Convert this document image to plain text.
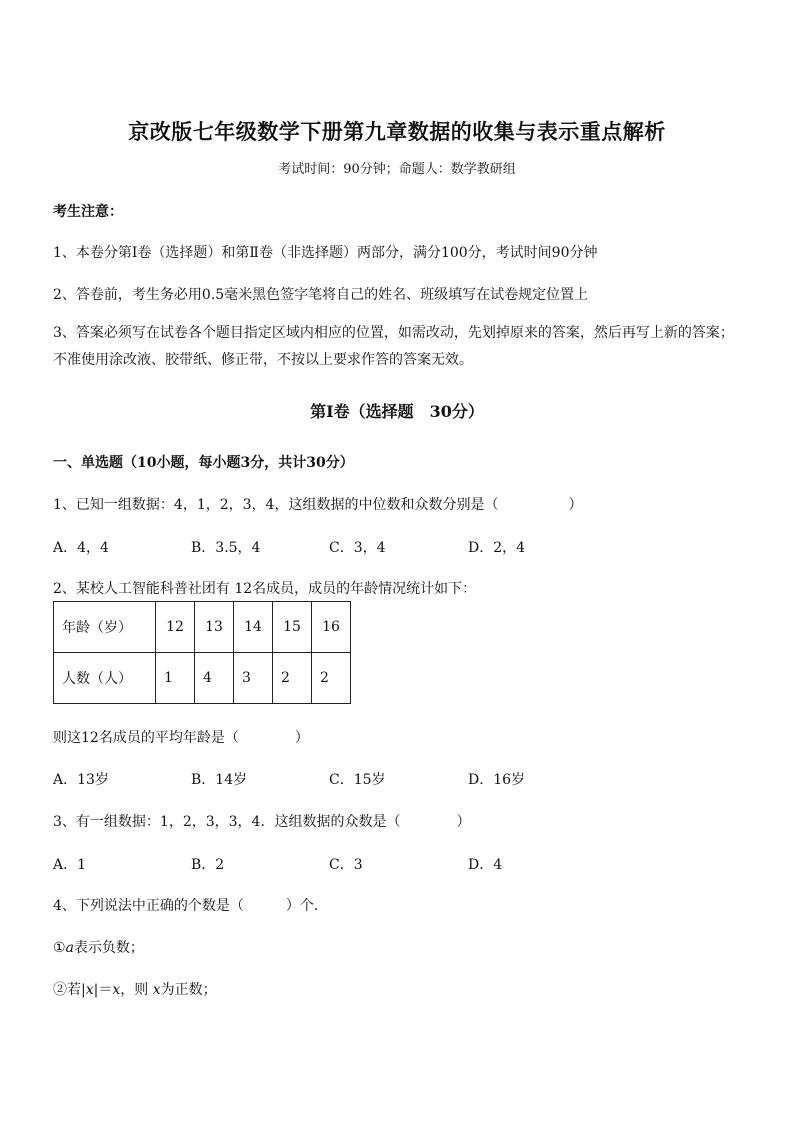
京改版七年级数学下册第九章数据的收集与表示重点解析
考试时间：90分钟；命题人：数学教研组
考生注意：
1、本卷分第Ⅰ卷（选择题）和第Ⅱ卷（非选择题）两部分，满分100分，考试时间90分钟
2、答卷前，考生务必用0.5毫米黑色签字笔将自己的姓名、班级填写在试卷规定位置上
3、答案必须写在试卷各个题目指定区域内相应的位置，如需改动，先划掉原来的答案，然后再写上新的答案；不准使用涂改液、胶带纸、修正带，不按以上要求作答的答案无效。
第Ⅰ卷（选择题　30分）
一、单选题（10小题，每小题3分，共计30分）
1、已知一组数据：4，1，2，3，4，这组数据的中位数和众数分别是（　　　　　）
A．4，4	B．3.5，4	C．3，4	D．2，4
2、某校人工智能科普社团有 12名成员，成员的年龄情况统计如下：
年龄（岁）	12	13	14	15	16
人数（人）	1	4	3	2	2
则这12名成员的平均年龄是（　　　　）
A．13岁	B．14岁	C．15岁	D．16岁
3、有一组数据：1，2，3，3，4．这组数据的众数是（　　　　）
A．1	B．2	C．3	D．4
4、下列说法中正确的个数是（　　　）个．
①a表示负数；
②若|x|＝x，则 x为正数；
